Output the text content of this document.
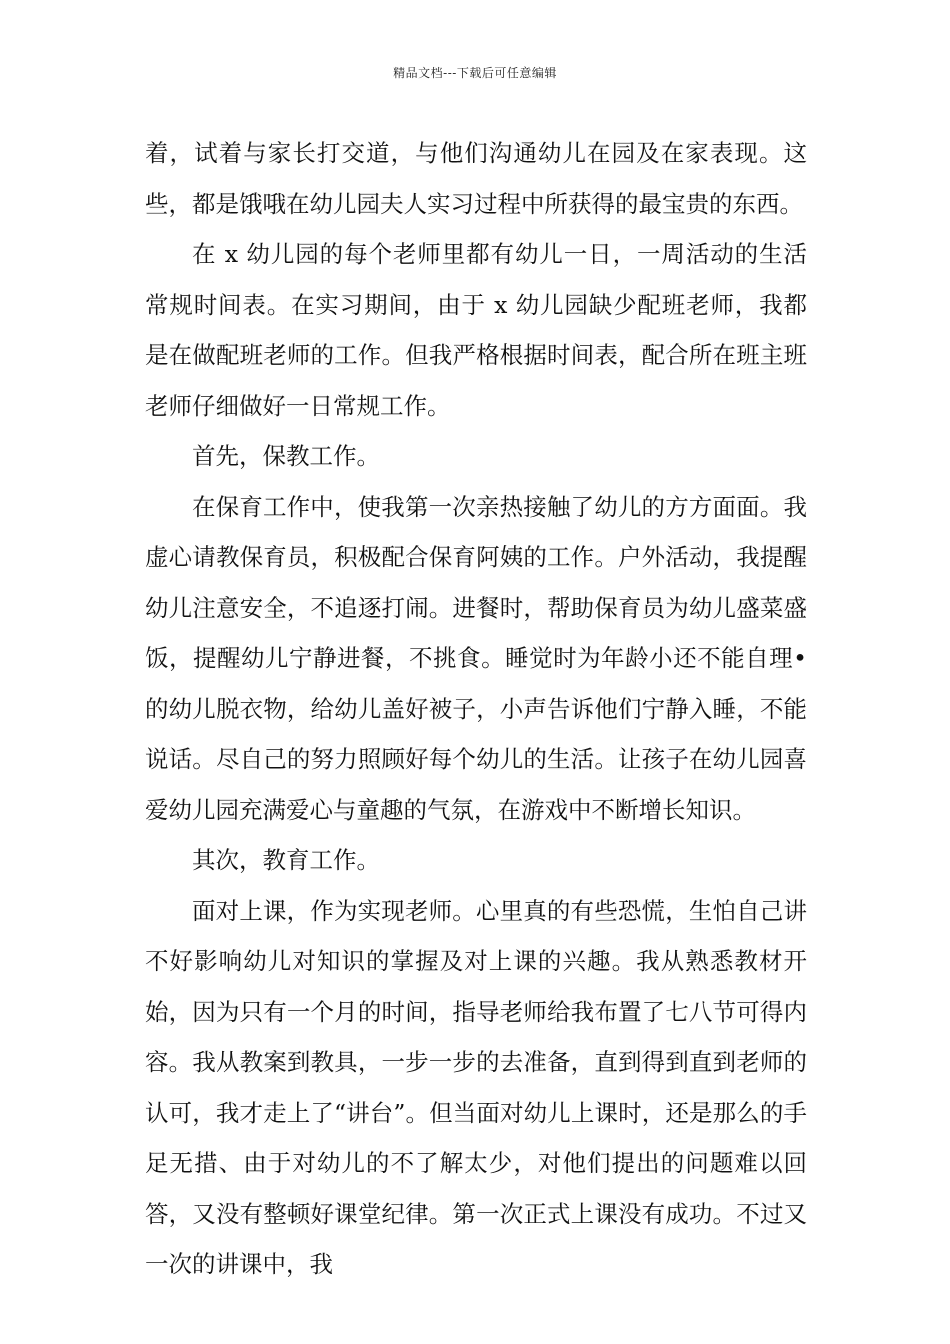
精品文档---下载后可任意编辑

着，试着与家长打交道，与他们沟通幼儿在园及在家表现。这些，都是饿哦在幼儿园夫人实习过程中所获得的最宝贵的东西。

在 x 幼儿园的每个老师里都有幼儿一日，一周活动的生活常规时间表。在实习期间，由于 x 幼儿园缺少配班老师，我都是在做配班老师的工作。但我严格根据时间表，配合所在班主班老师仔细做好一日常规工作。

首先，保教工作。

在保育工作中，使我第一次亲热接触了幼儿的方方面面。我虚心请教保育员，积极配合保育阿姨的工作。户外活动，我提醒幼儿注意安全，不追逐打闹。进餐时，帮助保育员为幼儿盛菜盛饭，提醒幼儿宁静进餐，不挑食。睡觉时为年龄小还不能自理•的幼儿脱衣物，给幼儿盖好被子，小声告诉他们宁静入睡，不能说话。尽自己的努力照顾好每个幼儿的生活。让孩子在幼儿园喜爱幼儿园充满爱心与童趣的气氛，在游戏中不断增长知识。

其次，教育工作。

面对上课，作为实现老师。心里真的有些恐慌，生怕自己讲不好影响幼儿对知识的掌握及对上课的兴趣。我从熟悉教材开始，因为只有一个月的时间，指导老师给我布置了七八节可得内容。我从教案到教具，一步一步的去准备，直到得到直到老师的认可，我才走上了“讲台”。但当面对幼儿上课时，还是那么的手足无措、由于对幼儿的不了解太少，对他们提出的问题难以回答，又没有整顿好课堂纪律。第一次正式上课没有成功。不过又一次的讲课中，我
